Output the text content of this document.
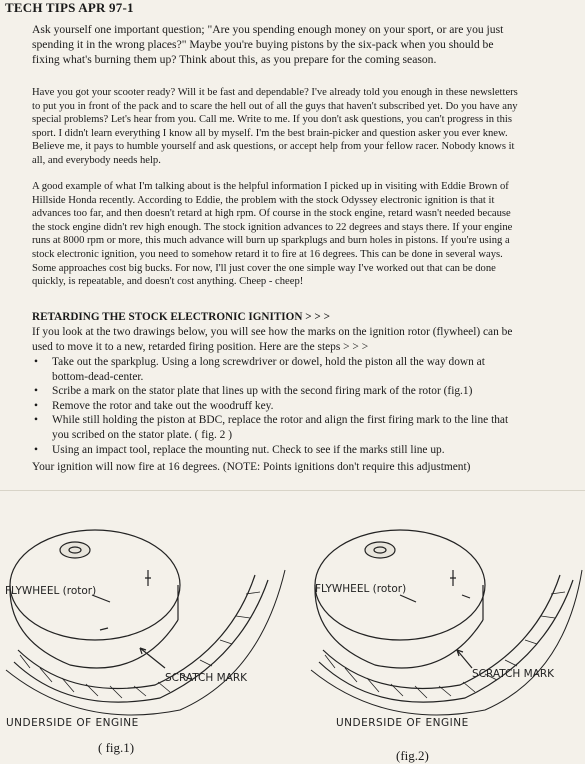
TECH TIPS APR 97-1

Ask yourself one important question; "Are you spending enough money on your sport, or are you just spending it in the wrong places?" Maybe you're buying pistons by the six-pack when you should be fixing what's burning them up? Think about this, as you prepare for the coming season.

Have you got your scooter ready? Will it be fast and dependable? I've already told you enough in these newsletters to put you in front of the pack and to scare the hell out of all the guys that haven't subscribed yet. Do you have any special problems? Let's hear from you. Call me. Write to me. If you don't ask questions, you can't progress in this sport. I didn't learn everything I know all by myself. I'm the best brain-picker and question asker you ever knew. Believe me, it pays to humble yourself and ask questions, or accept help from your fellow racer. Nobody knows it all, and everybody needs help.

A good example of what I'm talking about is the helpful information I picked up in visiting with Eddie Brown of Hillside Honda recently. According to Eddie, the problem with the stock Odyssey electronic ignition is that it advances too far, and then doesn't retard at high rpm. Of course in the stock engine, retard wasn't needed because the stock engine didn't rev high enough. The stock ignition advances to 22 degrees and stays there. If your engine runs at 8000 rpm or more, this much advance will burn up sparkplugs and burn holes in pistons. If you're using a stock electronic ignition, you need to somehow retard it to fire at 16 degrees. This can be done in several ways. Some approaches cost big bucks. For now, I'll just cover the one simple way I've worked out that can be done quickly, is repeatable, and doesn't cost anything. Cheep - cheep!

RETARDING THE STOCK ELECTRONIC IGNITION > > >

If you look at the two drawings below, you will see how the marks on the ignition rotor (flywheel) can be used to move it to a new, retarded firing position. Here are the steps > > >

• Take out the sparkplug. Using a long screwdriver or dowel, hold the piston all the way down at bottom-dead-center.
• Scribe a mark on the stator plate that lines up with the second firing mark of the rotor (fig.1)
• Remove the rotor and take out the woodruff key.
• While still holding the piston at BDC, replace the rotor and align the first firing mark to the line that you scribed on the stator plate. ( fig. 2 )
• Using an impact tool, replace the mounting nut. Check to see if the marks still line up.

Your ignition will now fire at 16 degrees. (NOTE: Points ignitions don't require this adjustment)

FLYWHEEL (rotor)
SCRATCH MARK
UNDERSIDE OF ENGINE
( fig.1)
FLYWHEEL (rotor)
SCRATCH MARK
UNDERSIDE OF ENGINE
(fig.2)
